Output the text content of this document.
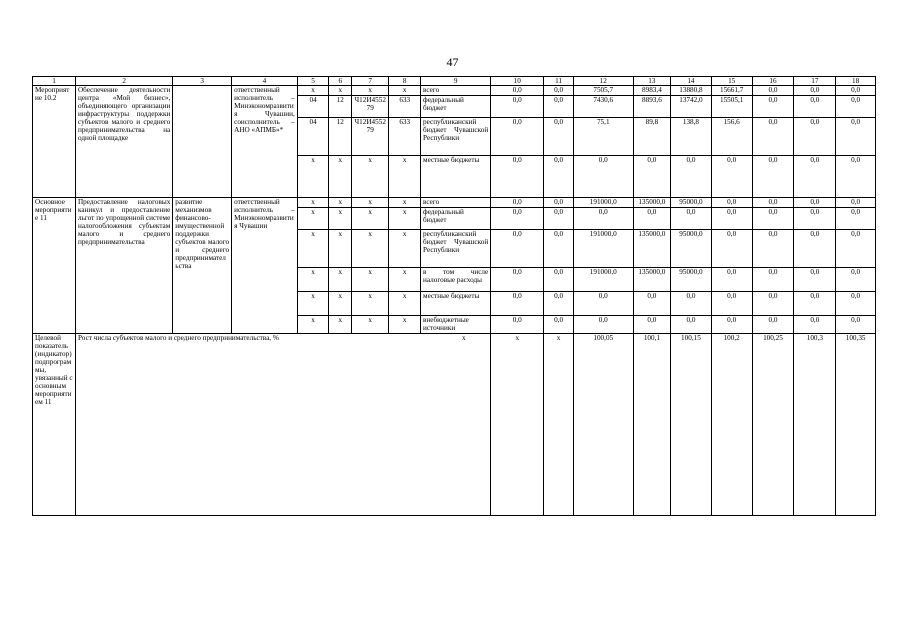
47
1	2	3	4	5	6	7	8	9	10	11	12	13	14	15	16	17	18
Мероприятие 10.2	Обеспечение деятельности центра «Мой бизнес», объединяющего организации инфраструктуры поддержки субъектов малого и среднего предпринимательства на одной площадке		ответственный исполнитель – Минэкономразвития Чувашии, соисполнитель – АНО «АПМБ»*	x	x	x	x	всего	0,0	0,0	7505,7	8983,4	13880,8	15661,7	0,0	0,0	0,0
				04	12	Ч12И4552 79	633	федеральный бюджет	0,0	0,0	7430,6	8893,6	13742,0	15505,1	0,0	0,0	0,0
				04	12	Ч12И4552 79	633	республиканский бюджет Чувашской Республики	0,0	0,0	75,1	89,8	138,8	156,6	0,0	0,0	0,0
				x	x	x	x	местные бюджеты	0,0	0,0	0,0	0,0	0,0	0,0	0,0	0,0	0,0
Основное мероприятие 11	Предоставление налоговых каникул и предоставление льгот по упрощенной системе налогообложения субъектам малого и среднего предпринимательства	развитие механизмов финансово-имущественной поддержки субъектов малого и среднего предпринимательства	ответственный исполнитель – Минэкономразвития Чувашии	x	x	x	x	всего	0,0	0,0	191000,0	135000,0	95000,0	0,0	0,0	0,0	0,0
				x	x	x	x	федеральный бюджет	0,0	0,0	0,0	0,0	0,0	0,0	0,0	0,0	0,0
				x	x	x	x	республиканский бюджет Чувашской Республики	0,0	0,0	191000,0	135000,0	95000,0	0,0	0,0	0,0	0,0
				x	x	x	x	в том числе налоговые расходы	0,0	0,0	191000,0	135000,0	95000,0	0,0	0,0	0,0	0,0
				x	x	x	x	местные бюджеты	0,0	0,0	0,0	0,0	0,0	0,0	0,0	0,0	0,0
				x	x	x	x	внебюджетные источники	0,0	0,0	0,0	0,0	0,0	0,0	0,0	0,0	0,0
Целевой показатель (индикатор) подпрограммы, увязанный с основным мероприятием 11	Рост числа субъектов малого и среднего предпринимательства, % x								x	x	100,05	100,1	100,15	100,2	100,25	100,3	100,35
